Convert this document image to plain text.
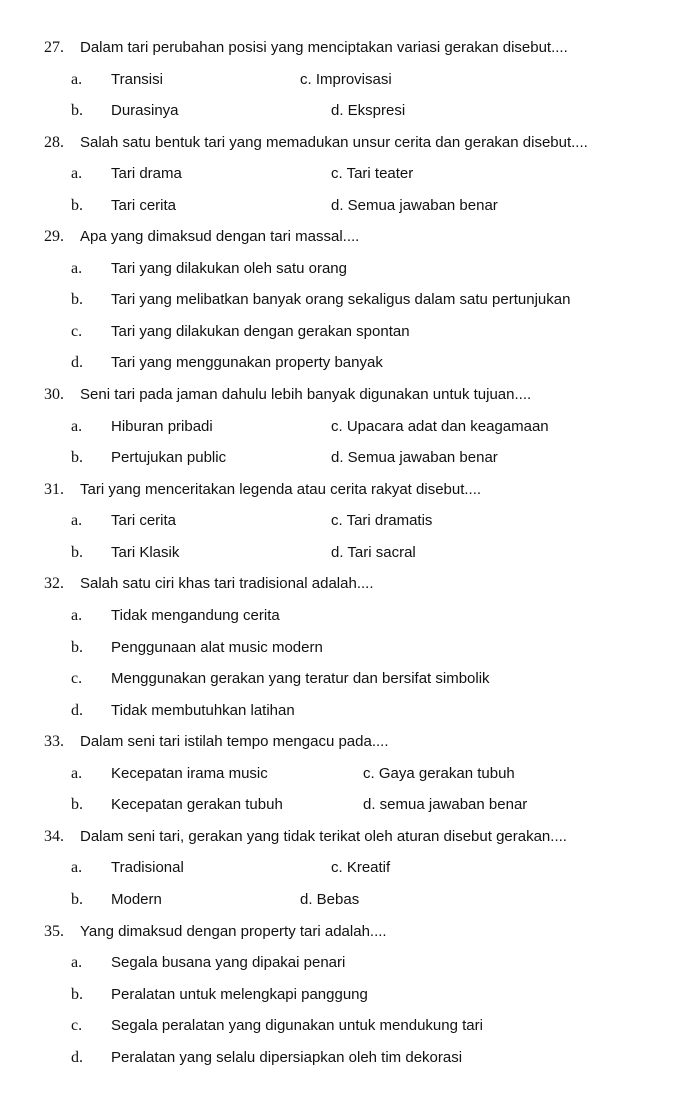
27. Dalam tari perubahan posisi yang menciptakan variasi gerakan disebut....
a. Transisi
b. Durasinya
c. Improvisasi
d. Ekspresi
28. Salah satu bentuk tari yang memadukan unsur cerita dan gerakan disebut....
a. Tari drama
b. Tari cerita
c. Tari teater
d. Semua jawaban benar
29. Apa yang dimaksud dengan tari massal....
a. Tari yang dilakukan oleh satu orang
b. Tari yang melibatkan banyak orang sekaligus dalam satu pertunjukan
c. Tari yang dilakukan dengan gerakan spontan
d. Tari yang menggunakan property banyak
30. Seni tari pada jaman dahulu lebih banyak digunakan untuk tujuan....
a. Hiburan pribadi
b. Pertujukan public
c. Upacara adat dan keagamaan
d. Semua jawaban benar
31. Tari yang menceritakan legenda atau cerita rakyat disebut....
a. Tari cerita
b. Tari Klasik
c. Tari dramatis
d. Tari sacral
32. Salah satu ciri khas tari tradisional adalah....
a. Tidak mengandung cerita
b. Penggunaan alat music modern
c. Menggunakan gerakan yang teratur dan bersifat simbolik
d. Tidak membutuhkan latihan
33. Dalam seni tari istilah tempo mengacu pada....
a. Kecepatan irama music
b. Kecepatan gerakan tubuh
c. Gaya gerakan tubuh
d. semua jawaban benar
34. Dalam seni tari, gerakan yang tidak terikat oleh aturan disebut gerakan....
a. Tradisional
b. Modern
c. Kreatif
d. Bebas
35. Yang dimaksud dengan property tari adalah....
a. Segala busana yang dipakai penari
b. Peralatan untuk melengkapi panggung
c. Segala peralatan yang digunakan untuk mendukung tari
d. Peralatan yang selalu dipersiapkan oleh tim dekorasi
